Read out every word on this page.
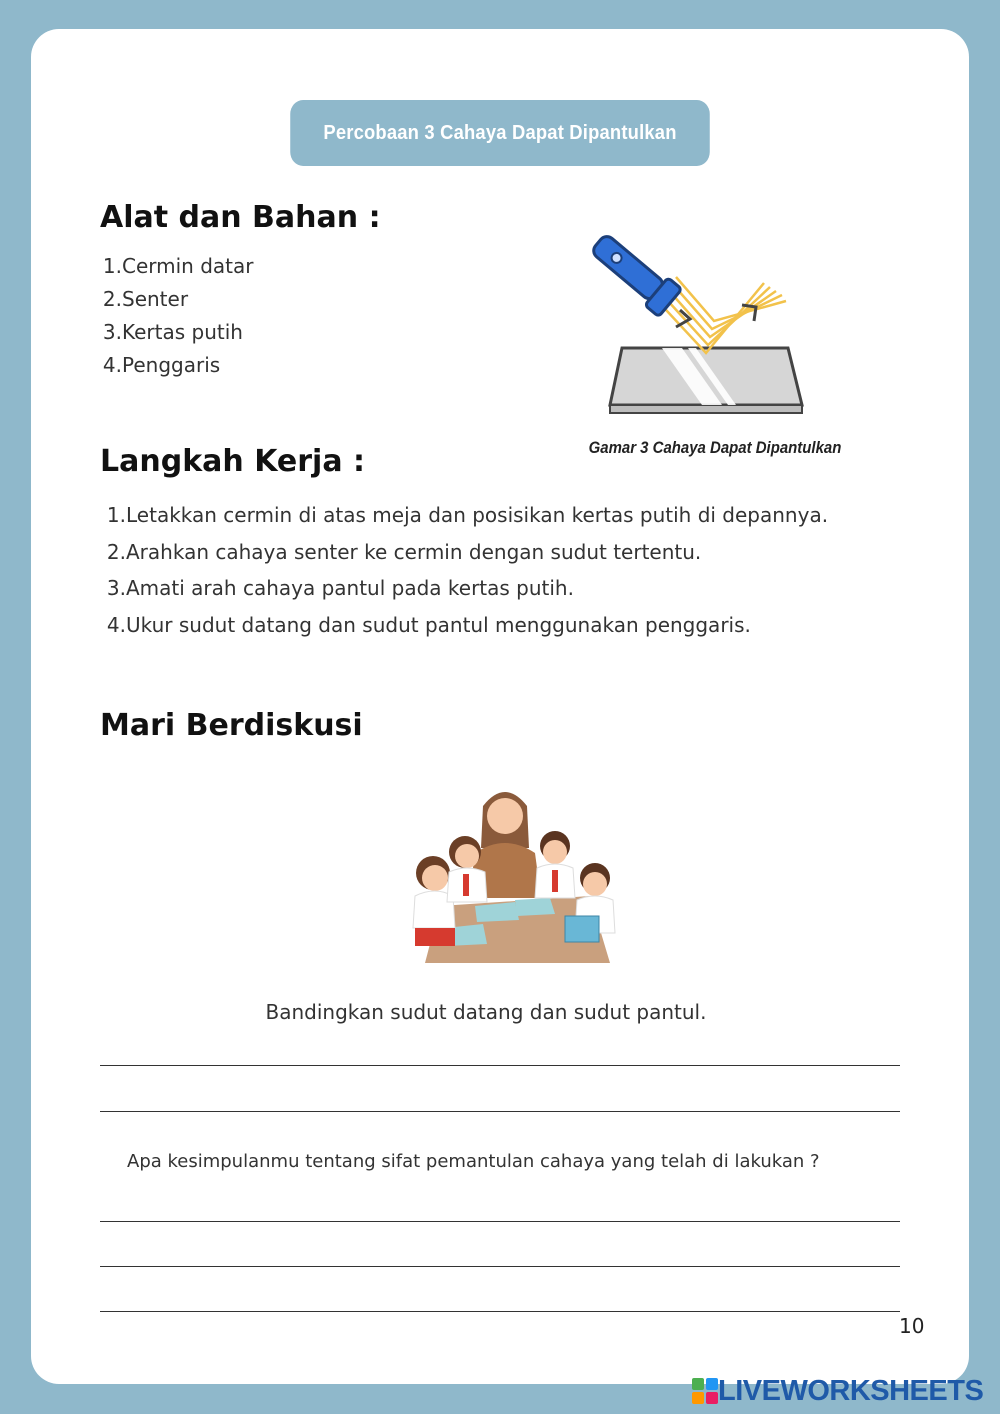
Percobaan 3 Cahaya Dapat Dipantulkan
Alat dan Bahan :
1.Cermin datar
2.Senter
3.Kertas putih
4.Penggaris
Gamar 3 Cahaya Dapat Dipantulkan
Langkah Kerja :
1. Letakkan cermin di atas meja dan posisikan kertas putih di depannya.
2. Arahkan cahaya senter ke cermin dengan sudut tertentu.
3. Amati arah cahaya pantul pada kertas putih.
4. Ukur sudut datang dan sudut pantul menggunakan penggaris.
Mari Berdiskusi
Bandingkan sudut datang dan sudut pantul.
Apa kesimpulanmu tentang sifat pemantulan cahaya yang telah di lakukan ?
10
LIVEWORKSHEETS
